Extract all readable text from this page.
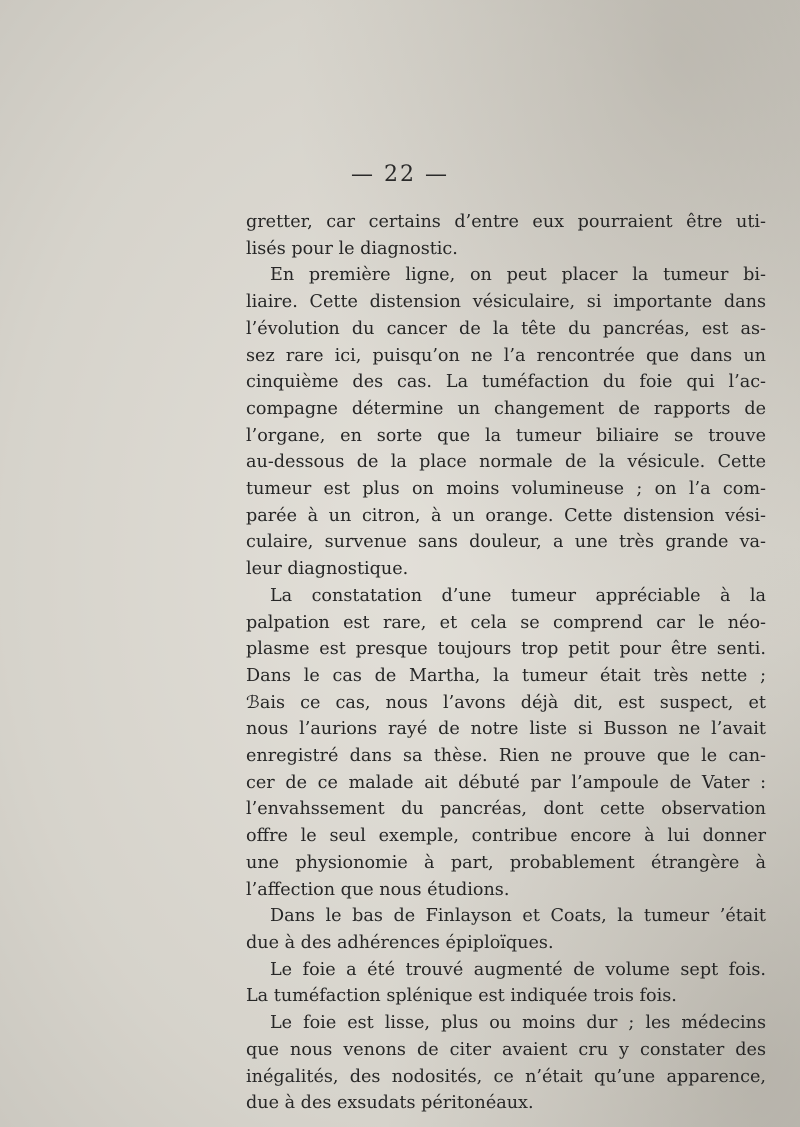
— 22 —
gretter, car certains d’entre eux pourraient être uti-
lisés pour le diagnostic.
En première ligne, on peut placer la tumeur bi-
liaire. Cette distension vésiculaire, si importante dans
l’évolution du cancer de la tête du pancréas, est as-
sez rare ici, puisqu’on ne l’a rencontrée que dans un
cinquième des cas. La tuméfaction du foie qui l’ac-
compagne détermine un changement de rapports de
l’organe, en sorte que la tumeur biliaire se trouve
au-dessous de la place normale de la vésicule. Cette
tumeur est plus on moins volumineuse ; on l’a com-
parée à un citron, à un orange. Cette distension vési-
culaire, survenue sans douleur, a une très grande va-
leur diagnostique.
La constatation d’une tumeur appréciable à la
palpation est rare, et cela se comprend car le néo-
plasme est presque toujours trop petit pour être senti.
Dans le cas de Martha, la tumeur était très nette ;
ℬais ce cas, nous l’avons déjà dit, est suspect, et
nous l’aurions rayé de notre liste si Busson ne l’avait
enregistré dans sa thèse. Rien ne prouve que le can-
cer de ce malade ait débuté par l’ampoule de Vater :
l’envahssement du pancréas, dont cette observation
offre le seul exemple, contribue encore à lui donner
une physionomie à part, probablement étrangère à
l’affection que nous étudions.
Dans le bas de Finlayson et Coats, la tumeur ’était
due à des adhérences épiploïques.
Le foie a été trouvé augmenté de volume sept fois.
La tuméfaction splénique est indiquée trois fois.
Le foie est lisse, plus ou moins dur ; les médecins
que nous venons de citer avaient cru y constater des
inégalités, des nodosités, ce n’était qu’une apparence,
due à des exsudats péritonéaux.
